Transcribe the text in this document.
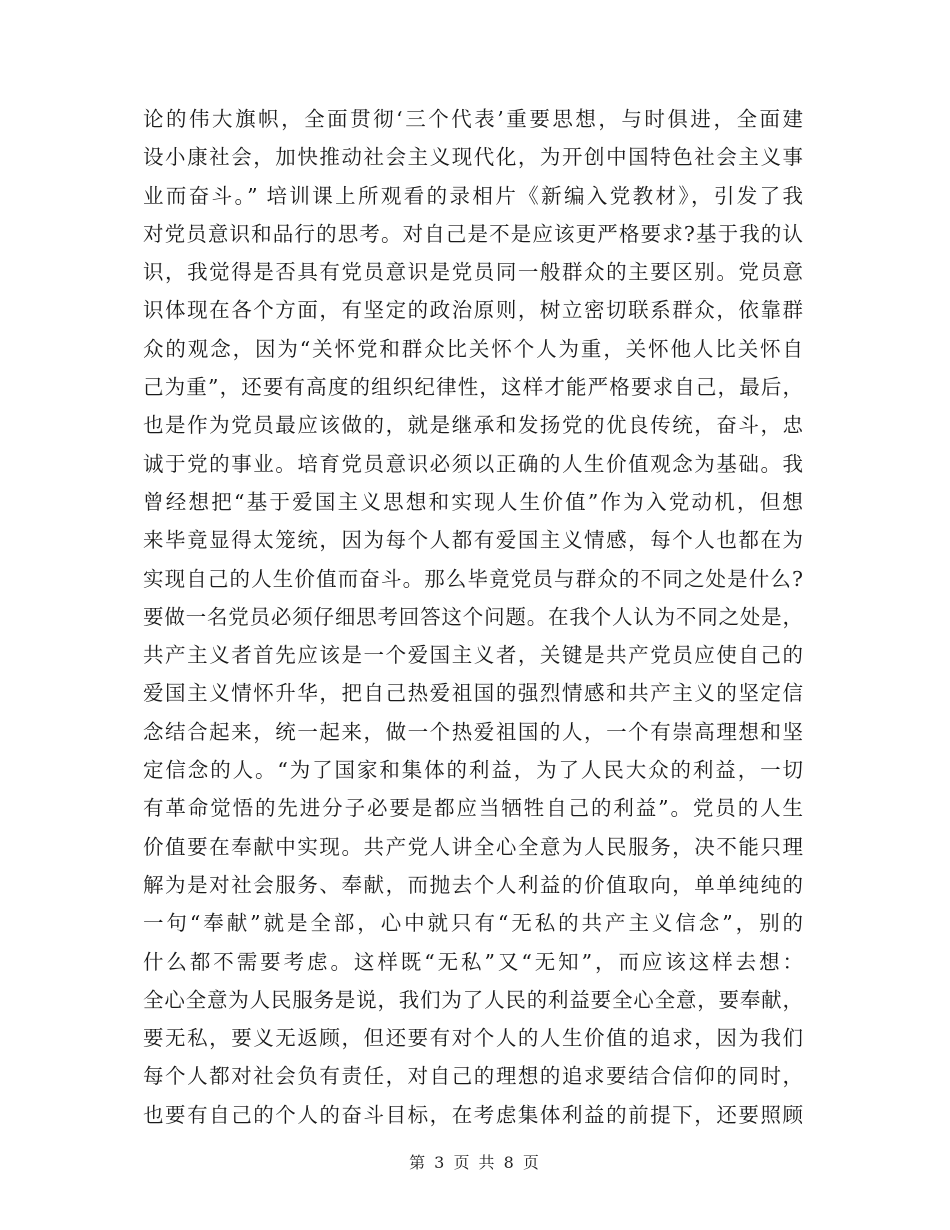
论的伟大旗帜，全面贯彻‘三个代表’重要思想，与时俱进，全面建
设小康社会，加快推动社会主义现代化，为开创中国特色社会主义事
业而奋斗。” 培训课上所观看的录相片《新编入党教材》，引发了我
对党员意识和品行的思考。对自己是不是应该更严格要求?基于我的认
识，我觉得是否具有党员意识是党员同一般群众的主要区别。党员意
识体现在各个方面，有坚定的政治原则，树立密切联系群众，依靠群
众的观念，因为“关怀党和群众比关怀个人为重，关怀他人比关怀自
己为重”，还要有高度的组织纪律性，这样才能严格要求自己，最后，
也是作为党员最应该做的，就是继承和发扬党的优良传统，奋斗，忠
诚于党的事业。培育党员意识必须以正确的人生价值观念为基础。我
曾经想把“基于爱国主义思想和实现人生价值”作为入党动机，但想
来毕竟显得太笼统，因为每个人都有爱国主义情感，每个人也都在为
实现自己的人生价值而奋斗。那么毕竟党员与群众的不同之处是什么?
要做一名党员必须仔细思考回答这个问题。在我个人认为不同之处是，
共产主义者首先应该是一个爱国主义者，关键是共产党员应使自己的
爱国主义情怀升华，把自己热爱祖国的强烈情感和共产主义的坚定信
念结合起来，统一起来，做一个热爱祖国的人，一个有崇高理想和坚
定信念的人。“为了国家和集体的利益，为了人民大众的利益，一切
有革命觉悟的先进分子必要是都应当牺牲自己的利益”。党员的人生
价值要在奉献中实现。共产党人讲全心全意为人民服务，决不能只理
解为是对社会服务、奉献，而抛去个人利益的价值取向，单单纯纯的
一句“奉献”就是全部，心中就只有“无私的共产主义信念”，别的
什么都不需要考虑。这样既“无私”又“无知”，而应该这样去想：
全心全意为人民服务是说，我们为了人民的利益要全心全意，要奉献，
要无私，要义无返顾，但还要有对个人的人生价值的追求，因为我们
每个人都对社会负有责任，对自己的理想的追求要结合信仰的同时，
也要有自己的个人的奋斗目标，在考虑集体利益的前提下，还要照顾
第 3 页 共 8 页
